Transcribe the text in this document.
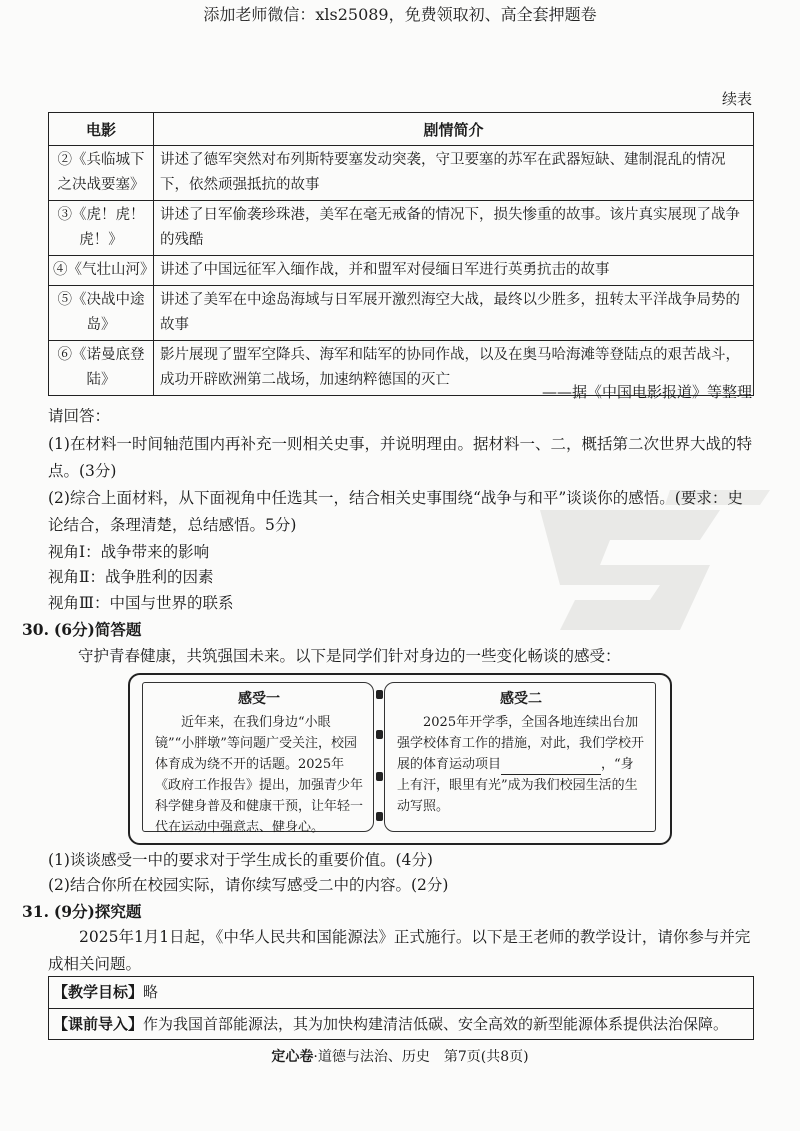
添加老师微信：xls25089，免费领取初、高全套押题卷
续表
电影	剧情简介
②《兵临城下之决战要塞》	讲述了德军突然对布列斯特要塞发动突袭，守卫要塞的苏军在武器短缺、建制混乱的情况下，依然顽强抵抗的故事
③《虎！虎！虎！》	讲述了日军偷袭珍珠港，美军在毫无戒备的情况下，损失惨重的故事。该片真实展现了战争的残酷
④《气壮山河》	讲述了中国远征军入缅作战，并和盟军对侵缅日军进行英勇抗击的故事
⑤《决战中途岛》	讲述了美军在中途岛海域与日军展开激烈海空大战，最终以少胜多，扭转太平洋战争局势的故事
⑥《诺曼底登陆》	影片展现了盟军空降兵、海军和陆军的协同作战，以及在奥马哈海滩等登陆点的艰苦战斗，成功开辟欧洲第二战场，加速纳粹德国的灭亡
——据《中国电影报道》等整理
请回答：
(1)在材料一时间轴范围内再补充一则相关史事，并说明理由。据材料一、二，概括第二次世界大战的特点。(3分)
(2)综合上面材料，从下面视角中任选其一，结合相关史事围绕“战争与和平”谈谈你的感悟。(要求：史论结合，条理清楚，总结感悟。5分)
视角Ⅰ：战争带来的影响
视角Ⅱ：战争胜利的因素
视角Ⅲ：中国与世界的联系
30. (6分)简答题
守护青春健康，共筑强国未来。以下是同学们针对身边的一些变化畅谈的感受：
感受一
近年来，在我们身边“小眼镜”“小胖墩”等问题广受关注，校园体育成为绕不开的话题。2025年《政府工作报告》提出，加强青少年科学健身普及和健康干预，让年轻一代在运动中强意志、健身心。
感受二
2025年开学季，全国各地连续出台加强学校体育工作的措施，对此，我们学校开展的体育运动项目	，“身上有汗，眼里有光”成为我们校园生活的生动写照。
(1)谈谈感受一中的要求对于学生成长的重要价值。(4分)
(2)结合你所在校园实际，请你续写感受二中的内容。(2分)
31. (9分)探究题
2025年1月1日起，《中华人民共和国能源法》正式施行。以下是王老师的教学设计，请你参与并完成相关问题。
【教学目标】略
【课前导入】作为我国首部能源法，其为加快构建清洁低碳、安全高效的新型能源体系提供法治保障。
定心卷·道德与法治、历史　第7页(共8页)
